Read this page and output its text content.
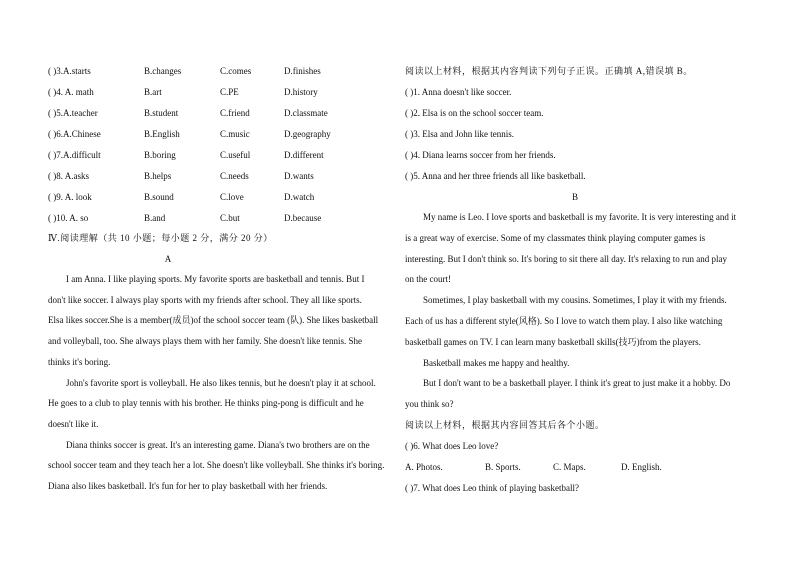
( )3.A.starts	B.changes	C.comes	D.finishes
( )4. A. math	B.art	C.PE	D.history
( )5.A.teacher	B.student	C.friend	D.classmate
( )6.A.Chinese	B.English	C.music	D.geography
( )7.A.difficult	B.boring	C.useful	D.different
( )8. A.asks	B.helps	C.needs	D.wants
( )9. A. look	B.sound	C.love	D.watch
( )10. A. so	B.and	C.but	D.because
Ⅳ.阅读理解（共 10 小题；每小题 2 分，满分 20 分）
A
I am Anna. I like playing sports. My favorite sports are basketball and tennis. But I
don't like soccer. I always play sports with my friends after school. They all like sports.
Elsa likes soccer.She is a member(成员)of the school soccer team (队). She likes basketball
and volleyball, too. She always plays them with her family. She doesn't like tennis. She
thinks it's boring.
John's favorite sport is volleyball. He also likes tennis, but he doesn't play it at school.
He goes to a club to play tennis with his brother. He thinks ping-pong is difficult and he
doesn't like it.
Diana thinks soccer is great. It's an interesting game. Diana's two brothers are on the
school soccer team and they teach her a lot. She doesn't like volleyball. She thinks it's boring.
Diana also likes basketball. It's fun for her to play basketball with her friends.
阅读以上材料，根据其内容判读下列句子正误。正确填 A,错误填 B。
( )1. Anna doesn't like soccer.
( )2. Elsa is on the school soccer team.
( )3. Elsa and John like tennis.
( )4. Diana learns soccer from her friends.
( )5. Anna and her three friends all like basketball.
B
My name is Leo. I love sports and basketball is my favorite. It is very interesting and it
is a great way of exercise. Some of my classmates think playing computer games is
interesting. But I don't think so. It's boring to sit there all day. It's relaxing to run and play
on the court!
Sometimes, I play basketball with my cousins. Sometimes, I play it with my friends.
Each of us has a different style(风格). So I love to watch them play. I also like watching
basketball games on TV. I can learn many basketball skills(技巧)from the players.
Basketball makes me happy and healthy.
But I don't want to be a basketball player. I think it's great to just make it a hobby. Do
you think so?
阅读以上材料，根据其内容回答其后各个小题。
( )6. What does Leo love?
A. Photos.	B. Sports.	C. Maps.	D. English.
( )7. What does Leo think of playing basketball?
